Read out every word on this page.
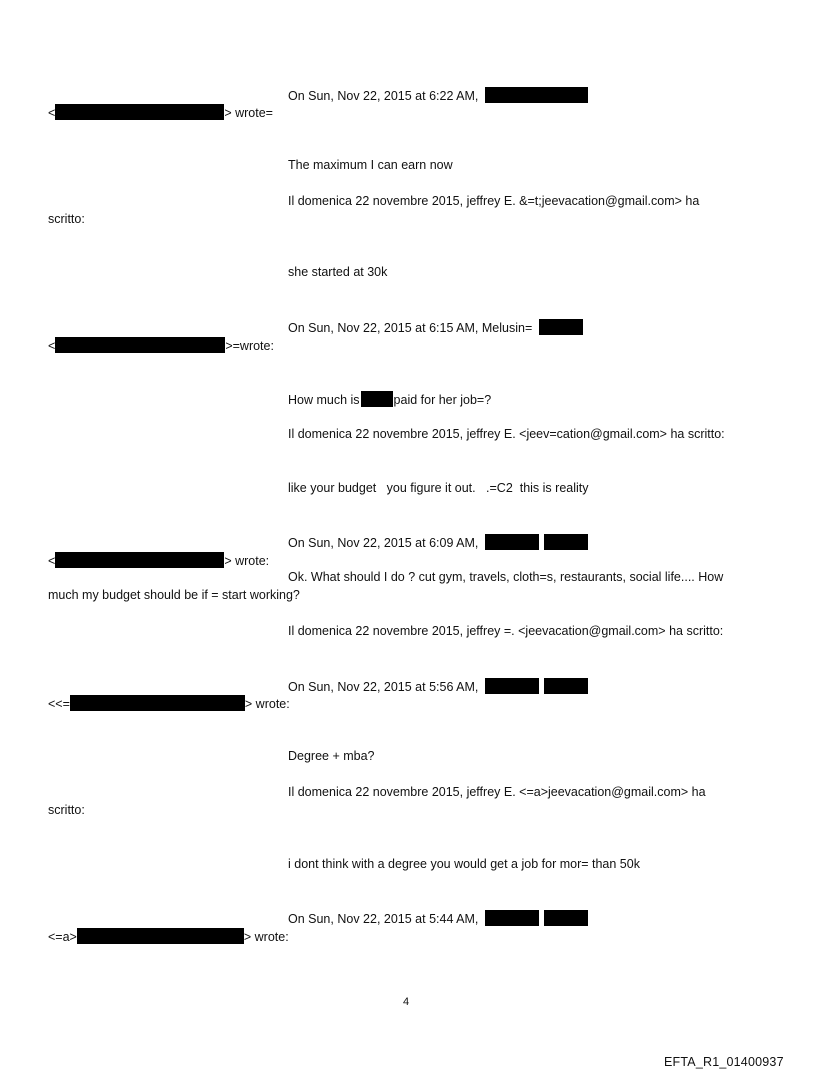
On Sun, Nov 22, 2015 at 6:22 AM,
<	> wrote=
The maximum I can earn now
Il domenica 22 novembre 2015, jeffrey E. &=t;jeevacation@gmail.com> ha
scritto:
she started at 30k
On Sun, Nov 22, 2015 at 6:15 AM, Melusin=
<	>=wrote:
How much is	paid for her job=?
Il domenica 22 novembre 2015, jeffrey E. <jeev=cation@gmail.com> ha scritto:
like your budget   you figure it out.   .=C2  this is reality
On Sun, Nov 22, 2015 at 6:09 AM,
<	> wrote:
Ok. What should I do ? cut gym, travels, cloth=s, restaurants, social life.... How
much my budget should be if = start working?
Il domenica 22 novembre 2015, jeffrey =. <jeevacation@gmail.com> ha scritto:
On Sun, Nov 22, 2015 at 5:56 AM,
<<=	> wrote:
Degree + mba?
Il domenica 22 novembre 2015, jeffrey E. <=a>jeevacation@gmail.com> ha
scritto:
i dont think with a degree you would get a job for mor= than 50k
On Sun, Nov 22, 2015 at 5:44 AM,
<=a>	> wrote:
4
EFTA_R1_01400937
